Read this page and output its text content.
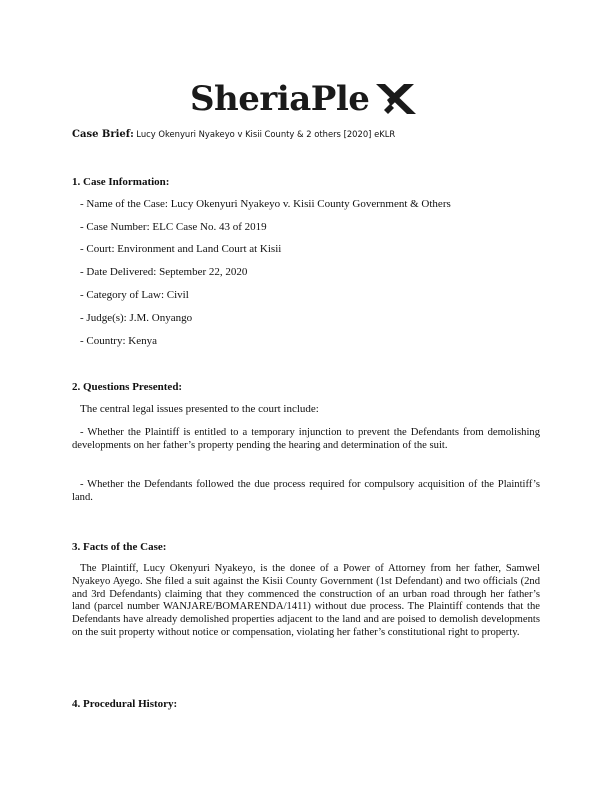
SheriaPle
Case Brief: Lucy Okenyuri Nyakeyo v Kisii County & 2 others [2020] eKLR
1. Case Information:
- Name of the Case: Lucy Okenyuri Nyakeyo v. Kisii County Government & Others
- Case Number: ELC Case No. 43 of 2019
- Court: Environment and Land Court at Kisii
- Date Delivered: September 22, 2020
- Category of Law: Civil
- Judge(s): J.M. Onyango
- Country: Kenya
2. Questions Presented:
The central legal issues presented to the court include:
- Whether the Plaintiff is entitled to a temporary injunction to prevent the Defendants from demolishing developments on her father’s property pending the hearing and determination of the suit.
- Whether the Defendants followed the due process required for compulsory acquisition of the Plaintiff’s land.
3. Facts of the Case:
The Plaintiff, Lucy Okenyuri Nyakeyo, is the donee of a Power of Attorney from her father, Samwel Nyakeyo Ayego. She filed a suit against the Kisii County Government (1st Defendant) and two officials (2nd and 3rd Defendants) claiming that they commenced the construction of an urban road through her father’s land (parcel number WANJARE/BOMARENDA/1411) without due process. The Plaintiff contends that the Defendants have already demolished properties adjacent to the land and are poised to demolish developments on the suit property without notice or compensation, violating her father’s constitutional right to property.
4. Procedural History:
